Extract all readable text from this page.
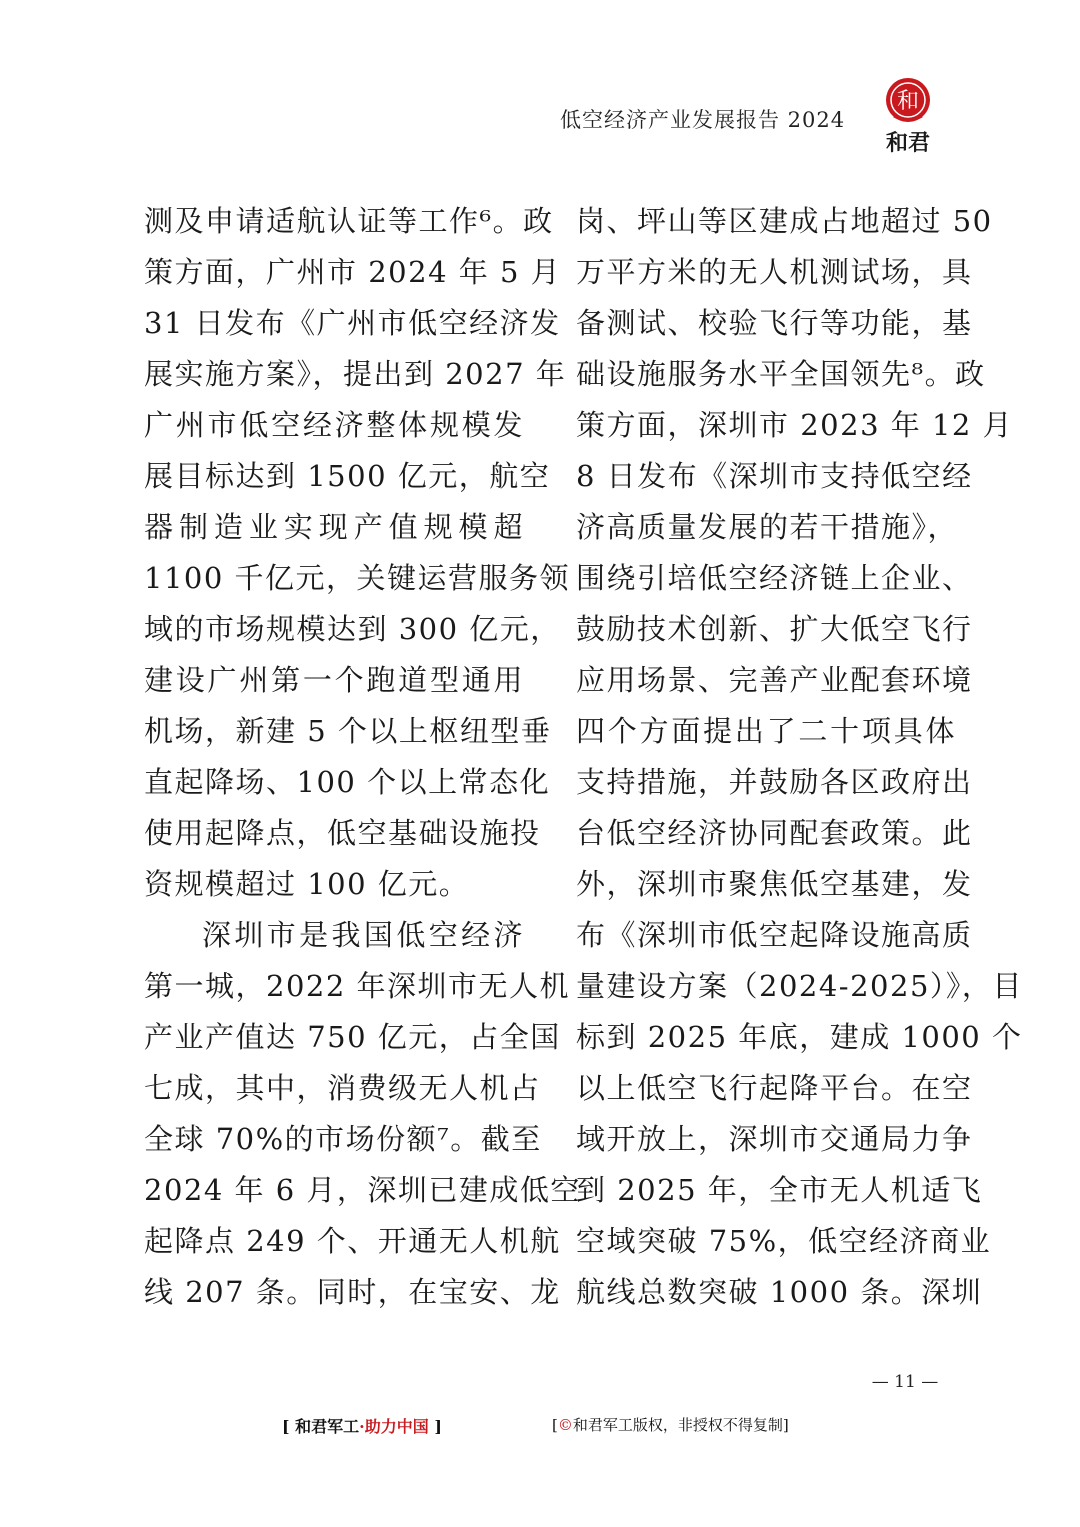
低空经济产业发展报告 2024
和
和君
测及申请适航认证等工作⁶。政
策方面，广州市 2024 年 5 月
31 日发布《广州市低空经济发
展实施方案》，提出到 2027 年
广州市低空经济整体规模发
展目标达到 1500 亿元，航空
器制造业实现产值规模超
1100 千亿元，关键运营服务领
域的市场规模达到 300 亿元，
建设广州第一个跑道型通用
机场，新建 5 个以上枢纽型垂
直起降场、100 个以上常态化
使用起降点，低空基础设施投
资规模超过 100 亿元。
深圳市是我国低空经济
第一城，2022 年深圳市无人机
产业产值达 750 亿元，占全国
七成，其中，消费级无人机占
全球 70%的市场份额⁷。截至
2024 年 6 月，深圳已建成低空
起降点 249 个、开通无人机航
线 207 条。同时，在宝安、龙
岗、坪山等区建成占地超过 50
万平方米的无人机测试场，具
备测试、校验飞行等功能，基
础设施服务水平全国领先⁸。政
策方面，深圳市 2023 年 12 月
8 日发布《深圳市支持低空经
济高质量发展的若干措施》，
围绕引培低空经济链上企业、
鼓励技术创新、扩大低空飞行
应用场景、完善产业配套环境
四个方面提出了二十项具体
支持措施，并鼓励各区政府出
台低空经济协同配套政策。此
外，深圳市聚焦低空基建，发
布《深圳市低空起降设施高质
量建设方案（2024-2025）》，目
标到 2025 年底，建成 1000 个
以上低空飞行起降平台。在空
域开放上，深圳市交通局力争
到 2025 年，全市无人机适飞
空域突破 75%，低空经济商业
航线总数突破 1000 条。深圳
— 11 —
[ 和君军工·助力中国 ]	[©和君军工版权，非授权不得复制]
